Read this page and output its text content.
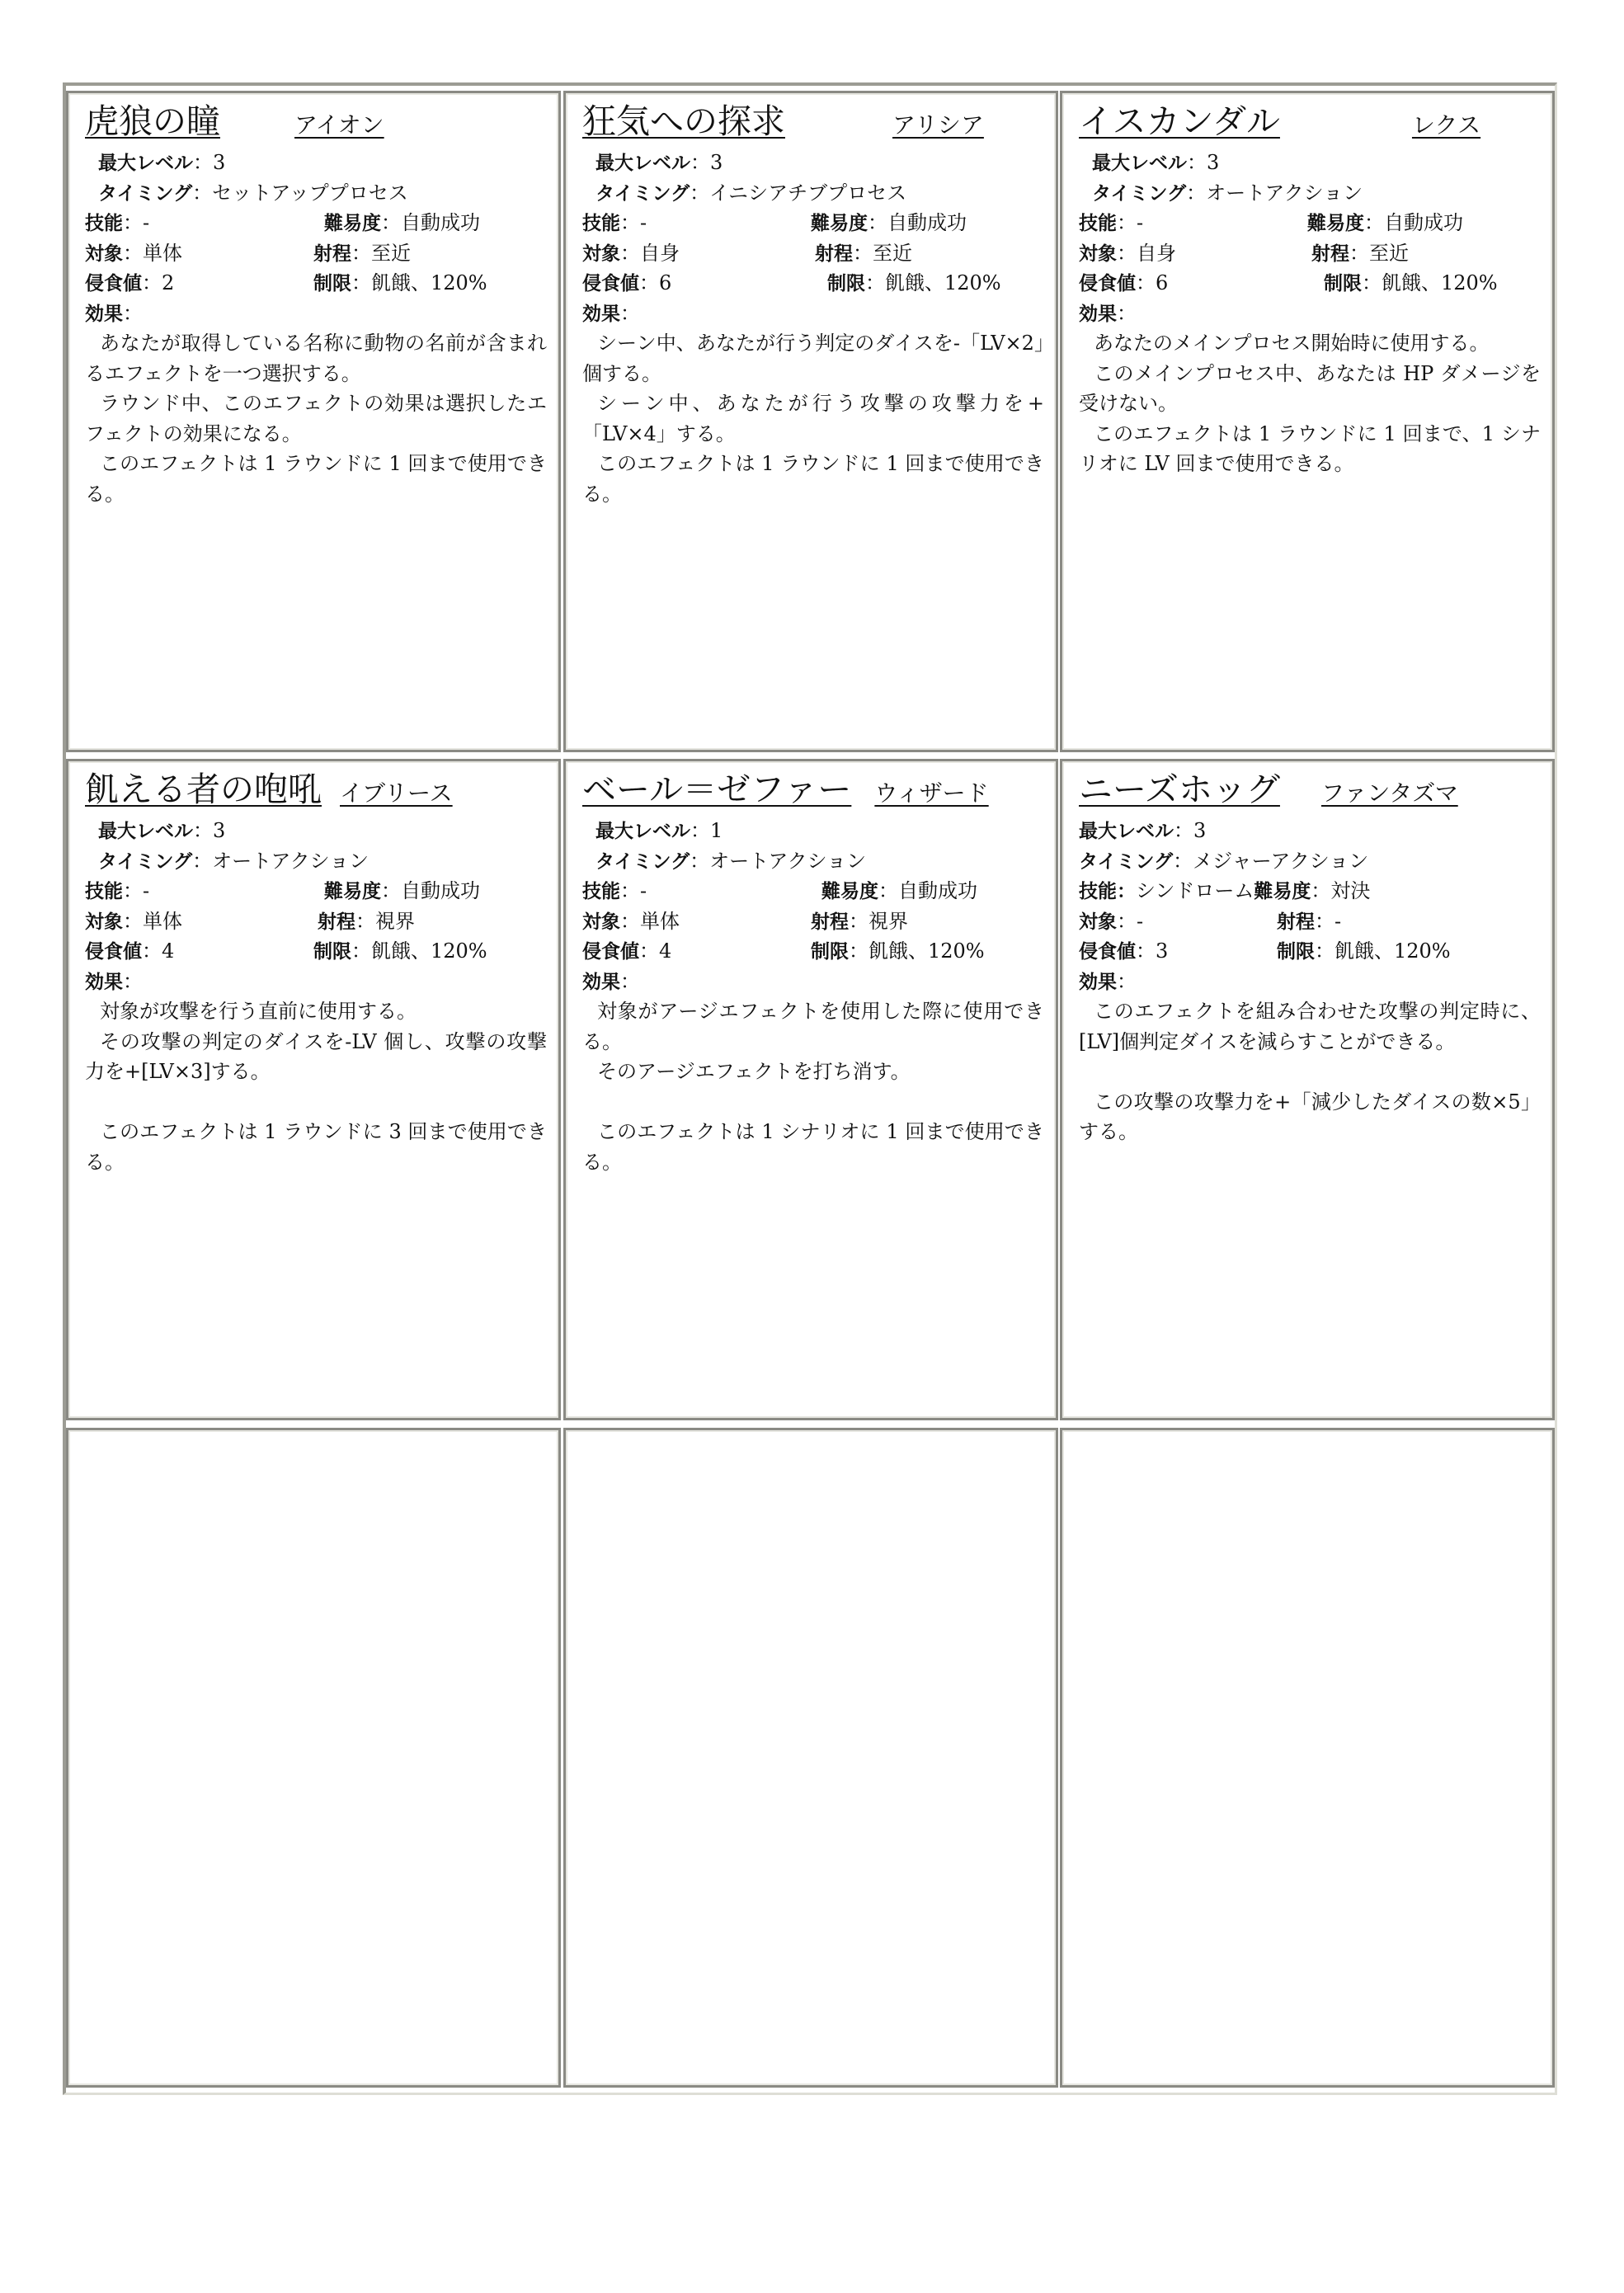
虎狼の瞳	アイオン
最大レベル：3
タイミング：セットアッププロセス
技能：-	難易度：自動成功
対象：単体	射程：至近
侵食値：2	制限：飢餓、120%
効果：

あなたが取得している名称に動物の名前が含まれるエフェクトを一つ選択する。

ラウンド中、このエフェクトの効果は選択したエフェクトの効果になる。

このエフェクトは 1 ラウンドに 1 回まで使用できる。

狂気への探求	アリシア
最大レベル：3
タイミング：イニシアチブプロセス
技能：-	難易度：自動成功
対象：自身	射程：至近
侵食値：6	制限：飢餓、120%
効果：

シーン中、あなたが行う判定のダイスを-「LV×2」個する。

シーン中、あなたが行う攻撃の攻撃力を+「LV×4」する。

このエフェクトは 1 ラウンドに 1 回まで使用できる。

イスカンダル	レクス
最大レベル：3
タイミング：オートアクション
技能：-	難易度：自動成功
対象：自身	射程：至近
侵食値：6	制限：飢餓、120%
効果：

あなたのメインプロセス開始時に使用する。

このメインプロセス中、あなたは HP ダメージを受けない。

このエフェクトは 1 ラウンドに 1 回まで、1 シナリオに LV 回まで使用できる。

飢える者の咆吼 イブリース
最大レベル：3
タイミング：オートアクション
技能：-	難易度：自動成功
対象：単体	射程：視界
侵食値：4	制限：飢餓、120%
効果：

対象が攻撃を行う直前に使用する。

その攻撃の判定のダイスを-LV 個し、攻撃の攻撃力を+[LV×3]する。

このエフェクトは 1 ラウンドに 3 回まで使用できる。

ベール＝ゼファー ウィザード
最大レベル：1
タイミング：オートアクション
技能：-	難易度：自動成功
対象：単体	射程：視界
侵食値：4	制限：飢餓、120%
効果：

対象がアージエフェクトを使用した際に使用できる。

そのアージエフェクトを打ち消す。

このエフェクトは 1 シナリオに 1 回まで使用できる。

ニーズホッグ ファンタズマ
最大レベル：3
タイミング：メジャーアクション
技能：シンドローム難易度：対決
対象：-	射程：-
侵食値：3	制限：飢餓、120%
効果：

このエフェクトを組み合わせた攻撃の判定時に、[LV]個判定ダイスを減らすことができる。

この攻撃の攻撃力を+「減少したダイスの数×5」する。
